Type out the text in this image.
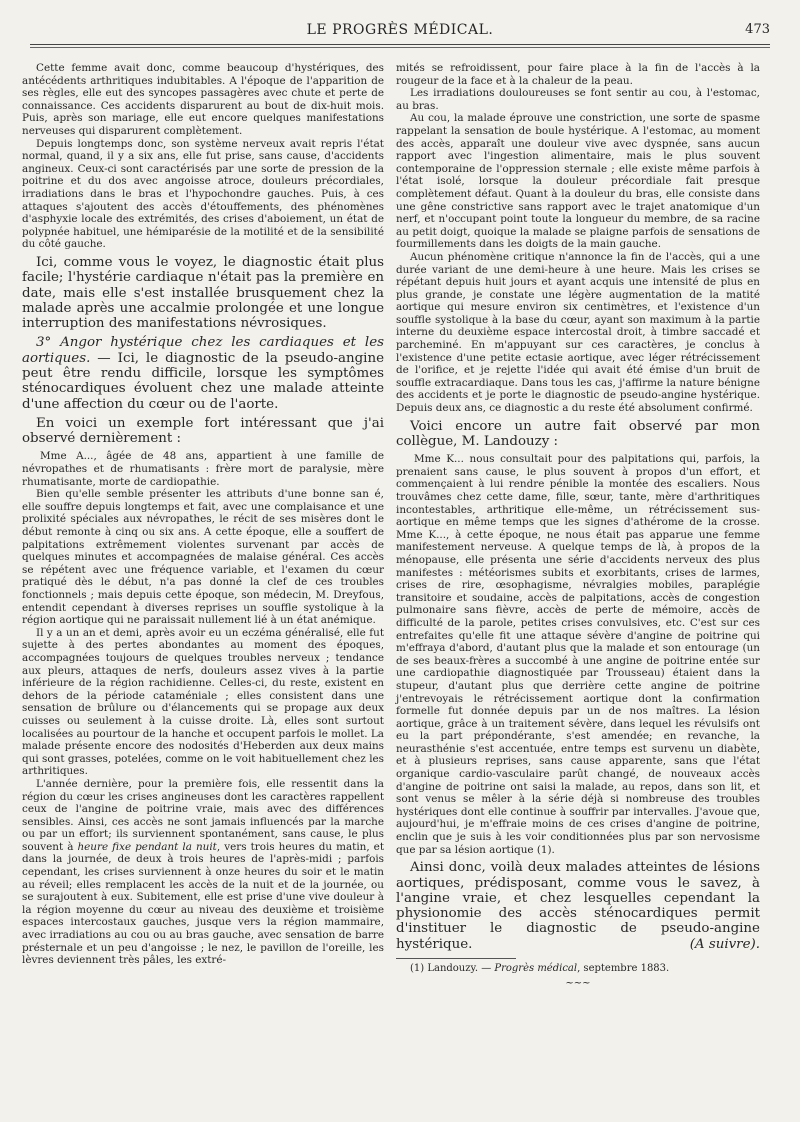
LE PROGRÈS MÉDICAL.	473

Cette femme avait donc, comme beaucoup d'hystériques, des antécédents arthritiques indubitables. A l'époque de l'apparition de ses règles, elle eut des syncopes passagères avec chute et perte de connaissance. Ces accidents disparurent au bout de dix-huit mois. Puis, après son mariage, elle eut encore quelques manifestations nerveuses qui disparurent complètement.

Depuis longtemps donc, son système nerveux avait repris l'état normal, quand, il y a six ans, elle fut prise, sans cause, d'accidents angineux. Ceux-ci sont caractérisés par une sorte de pression de la poitrine et du dos avec angoisse atroce, douleurs précordiales, irradiations dans le bras et l'hypochondre gauches. Puis, à ces attaques s'ajoutent des accès d'étouffements, des phénomènes d'asphyxie locale des extrémités, des crises d'aboiement, un état de polypnée habituel, une hémiparésie de la motilité et de la sensibilité du côté gauche.

Ici, comme vous le voyez, le diagnostic était plus facile; l'hystérie cardiaque n'était pas la première en date, mais elle s'est installée brusquement chez la malade après une accalmie prolongée et une longue interruption des manifestations névrosiques.

3° Angor hystérique chez les cardiaques et les aortiques. — Ici, le diagnostic de la pseudo-angine peut être rendu difficile, lorsque les symptômes sténocardiques évoluent chez une malade atteinte d'une affection du cœur ou de l'aorte.

En voici un exemple fort intéressant que j'ai observé dernièrement :

Mme A..., âgée de 48 ans, appartient à une famille de névropathes et de rhumatisants : frère mort de paralysie, mère rhumatisante, morte de cardiopathie.

Bien qu'elle semble présenter les attributs d'une bonne san é, elle souffre depuis longtemps et fait, avec une complaisance et une prolixité spéciales aux névropathes, le récit de ses misères dont le début remonte à cinq ou six ans. A cette époque, elle a souffert de palpitations extrêmement violentes survenant par accès de quelques minutes et accompagnées de malaise général. Ces accès se répétent avec une fréquence variable, et l'examen du cœur pratiqué dès le début, n'a pas donné la clef de ces troubles fonctionnels ; mais depuis cette époque, son médecin, M. Dreyfous, entendit cependant à diverses reprises un souffle systolique à la région aortique qui ne paraissait nullement lié à un état anémique.

Il y a un an et demi, après avoir eu un eczéma généralisé, elle fut sujette à des pertes abondantes au moment des époques, accompagnées toujours de quelques troubles nerveux ; tendance aux pleurs, attaques de nerfs, douleurs assez vives à la partie inférieure de la région rachidienne. Celles-ci, du reste, existent en dehors de la période cataméniale ; elles consistent dans une sensation de brûlure ou d'élancements qui se propage aux deux cuisses ou seulement à la cuisse droite. Là, elles sont surtout localisées au pourtour de la hanche et occupent parfois le mollet. La malade présente encore des nodosités d'Heberden aux deux mains qui sont grasses, potelées, comme on le voit habituellement chez les arthritiques.

L'année dernière, pour la première fois, elle ressentit dans la région du cœur les crises angineuses dont les caractères rappellent ceux de l'angine de poitrine vraie, mais avec des différences sensibles. Ainsi, ces accès ne sont jamais influencés par la marche ou par un effort; ils surviennent spontanément, sans cause, le plus souvent à heure fixe pendant la nuit, vers trois heures du matin, et dans la journée, de deux à trois heures de l'après-midi ; parfois cependant, les crises surviennent à onze heures du soir et le matin au réveil; elles remplacent les accès de la nuit et de la journée, ou se surajoutent à eux. Subitement, elle est prise d'une vive douleur à la région moyenne du cœur au niveau des deuxième et troisième espaces intercostaux gauches, jusque vers la région mammaire, avec irradiations au cou ou au bras gauche, avec sensation de barre présternale et un peu d'angoisse ; le nez, le pavillon de l'oreille, les lèvres deviennent très pâles, les extré-

mités se refroidissent, pour faire place à la fin de l'accès à la rougeur de la face et à la chaleur de la peau.

Les irradiations douloureuses se font sentir au cou, à l'estomac, au bras.

Au cou, la malade éprouve une constriction, une sorte de spasme rappelant la sensation de boule hystérique. A l'estomac, au moment des accès, apparaît une douleur vive avec dyspnée, sans aucun rapport avec l'ingestion alimentaire, mais le plus souvent contemporaine de l'oppression sternale ; elle existe même parfois à l'état isolé, lorsque la douleur précordiale fait presque complètement défaut. Quant à la douleur du bras, elle consiste dans une gêne constrictive sans rapport avec le trajet anatomique d'un nerf, et n'occupant point toute la longueur du membre, de sa racine au petit doigt, quoique la malade se plaigne parfois de sensations de fourmillements dans les doigts de la main gauche.

Aucun phénomène critique n'annonce la fin de l'accès, qui a une durée variant de une demi-heure à une heure. Mais les crises se répétant depuis huit jours et ayant acquis une intensité de plus en plus grande, je constate une légère augmentation de la matité aortique qui mesure environ six centimètres, et l'existence d'un souffle systolique à la base du cœur, ayant son maximum à la partie interne du deuxième espace intercostal droit, à timbre saccadé et parcheminé. En m'appuyant sur ces caractères, je conclus à l'existence d'une petite ectasie aortique, avec léger rétrécissement de l'orifice, et je rejette l'idée qui avait été émise d'un bruit de souffle extracardiaque. Dans tous les cas, j'affirme la nature bénigne des accidents et je porte le diagnostic de pseudo-angine hystérique. Depuis deux ans, ce diagnostic a du reste été absolument confirmé.

Voici encore un autre fait observé par mon collègue, M. Landouzy :

Mme K... nous consultait pour des palpitations qui, parfois, la prenaient sans cause, le plus souvent à propos d'un effort, et commençaient à lui rendre pénible la montée des escaliers. Nous trouvâmes chez cette dame, fille, sœur, tante, mère d'arthritiques incontestables, arthritique elle-même, un rétrécissement sus-aortique en même temps que les signes d'athérome de la crosse. Mme K..., à cette époque, ne nous était pas apparue une femme manifestement nerveuse. A quelque temps de là, à propos de la ménopause, elle présenta une série d'accidents nerveux des plus manifestes : météorismes subits et exorbitants, crises de larmes, crises de rire, œsophagisme, névralgies mobiles, paraplégie transitoire et soudaine, accès de palpitations, accès de congestion pulmonaire sans fièvre, accès de perte de mémoire, accès de difficulté de la parole, petites crises convulsives, etc. C'est sur ces entrefaites qu'elle fit une attaque sévère d'angine de poitrine qui m'effraya d'abord, d'autant plus que la malade et son entourage (un de ses beaux-frères a succombé à une angine de poitrine entée sur une cardiopathie diagnostiquée par Trousseau) étaient dans la stupeur, d'autant plus que derrière cette angine de poitrine j'entrevoyais le rétrécissement aortique dont la confirmation formelle fut donnée depuis par un de nos maîtres. La lésion aortique, grâce à un traitement sévère, dans lequel les révulsifs ont eu la part prépondérante, s'est amendée; en revanche, la neurasthénie s'est accentuée, entre temps est survenu un diabète, et à plusieurs reprises, sans cause apparente, sans que l'état organique cardio-vasculaire parût changé, de nouveaux accès d'angine de poitrine ont saisi la malade, au repos, dans son lit, et sont venus se mêler à la série déjà si nombreuse des troubles hystériques dont elle continue à souffrir par intervalles. J'avoue que, aujourd'hui, je m'effraie moins de ces crises d'angine de poitrine, enclin que je suis à les voir conditionnées plus par son nervosisme que par sa lésion aortique (1).

Ainsi donc, voilà deux malades atteintes de lésions aortiques, prédisposant, comme vous le savez, à l'angine vraie, et chez lesquelles cependant la physionomie des accès sténocardiques permit d'instituer le diagnostic de pseudo-angine hystérique.	(A suivre).

(1) Landouzy. — Progrès médical, septembre 1883.

~~~
